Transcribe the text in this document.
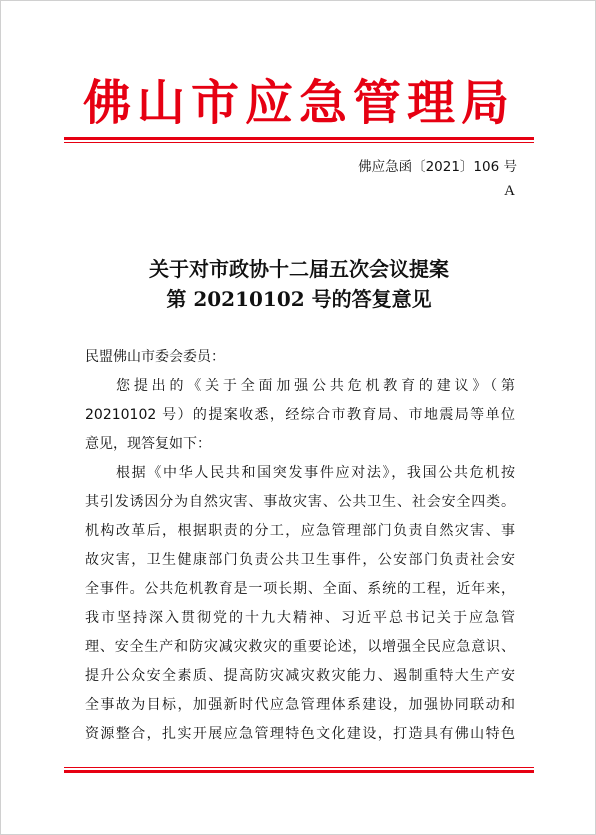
佛山市应急管理局
佛应急函〔2021〕106 号
A
关于对市政协十二届五次会议提案
第 20210102 号的答复意见
民盟佛山市委会委员：
您提出的《关于全面加强公共危机教育的建议》（第
20210102 号）的提案收悉，经综合市教育局、市地震局等单位
意见，现答复如下：
根据《中华人民共和国突发事件应对法》，我国公共危机按
其引发诱因分为自然灾害、事故灾害、公共卫生、社会安全四类。
机构改革后，根据职责的分工，应急管理部门负责自然灾害、事
故灾害，卫生健康部门负责公共卫生事件，公安部门负责社会安
全事件。公共危机教育是一项长期、全面、系统的工程，近年来，
我市坚持深入贯彻党的十九大精神、习近平总书记关于应急管
理、安全生产和防灾减灾救灾的重要论述，以增强全民应急意识、
提升公众安全素质、提高防灾减灾救灾能力、遏制重特大生产安
全事故为目标，加强新时代应急管理体系建设，加强协同联动和
资源整合，扎实开展应急管理特色文化建设，打造具有佛山特色
